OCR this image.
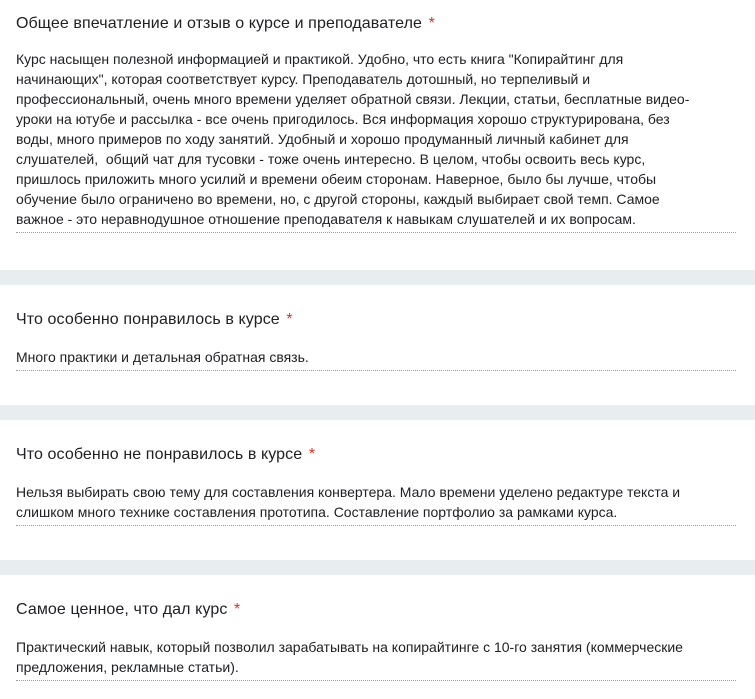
Общее впечатление и отзыв о курсе и преподавателе *
Курс насыщен полезной информацией и практикой. Удобно, что есть книга "Копирайтинг для
начинающих", которая соответствует курсу. Преподаватель дотошный, но терпеливый и
профессиональный, очень много времени уделяет обратной связи. Лекции, статьи, бесплатные видео-
уроки на ютубе и рассылка - все очень пригодилось. Вся информация хорошо структурирована, без
воды, много примеров по ходу занятий. Удобный и хорошо продуманный личный кабинет для
слушателей,  общий чат для тусовки - тоже очень интересно. В целом, чтобы освоить весь курс,
пришлось приложить много усилий и времени обеим сторонам. Наверное, было бы лучше, чтобы
обучение было ограничено во времени, но, с другой стороны, каждый выбирает свой темп. Самое
важное - это неравнодушное отношение преподавателя к навыкам слушателей и их вопросам.
Что особенно понравилось в курсе *
Много практики и детальная обратная связь.
Что особенно не понравилось в курсе *
Нельзя выбирать свою тему для составления конвертера. Мало времени уделено редактуре текста и
слишком много технике составления прототипа. Составление портфолио за рамками курса.
Самое ценное, что дал курс *
Практический навык, который позволил зарабатывать на копирайтинге с 10-го занятия (коммерческие
предложения, рекламные статьи).
